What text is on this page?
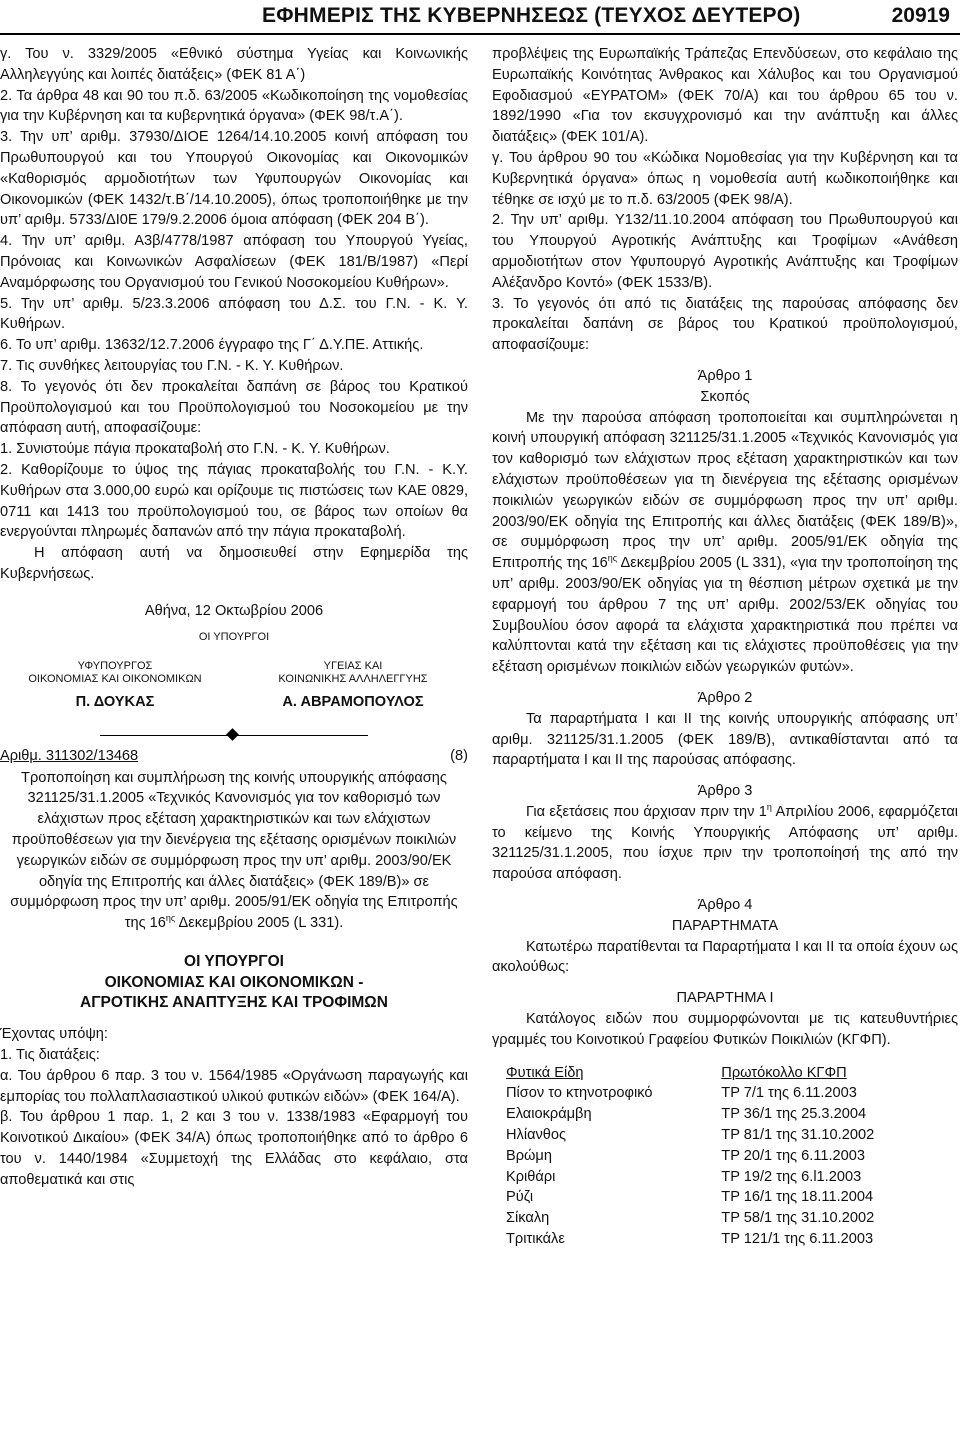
ΕΦΗΜΕΡΙΣ ΤΗΣ ΚΥΒΕΡΝΗΣΕΩΣ (ΤΕΥΧΟΣ ΔΕΥΤΕΡΟ)	20919

γ. Του ν. 3329/2005 «Εθνικό σύστημα Υγείας και Κοινωνικής Αλληλεγγύης και λοιπές διατάξεις» (ΦΕΚ 81 Α΄)

2. Τα άρθρα 48 και 90 του π.δ. 63/2005 «Κωδικοποίηση της νομοθεσίας για την Κυβέρνηση και τα κυβερνητικά όργανα» (ΦΕΚ 98/τ.Α΄).

3. Την υπ’ αριθμ. 37930/ΔΙΟΕ 1264/14.10.2005 κοινή απόφαση του Πρωθυπουργού και του Υπουργού Οικονομίας και Οικονομικών «Καθορισμός αρμοδιοτήτων των Υφυπουργών Οικονομίας και Οικονομικών (ΦΕΚ 1432/τ.Β΄/14.10.2005), όπως τροποποιήθηκε με την υπ’ αριθμ. 5733/ΔΙ0Ε 179/9.2.2006 όμοια απόφαση (ΦΕΚ 204 Β΄).

4. Την υπ’ αριθμ. Α3β/4778/1987 απόφαση του Υπουργού Υγείας, Πρόνοιας και Κοινωνικών Ασφαλίσεων (ΦΕΚ 181/Β/1987) «Περί Αναμόρφωσης του Οργανισμού του Γενικού Νοσοκομείου Κυθήρων».

5. Την υπ’ αριθμ. 5/23.3.2006 απόφαση του Δ.Σ. του Γ.Ν. - Κ. Υ. Κυθήρων.

6. Το υπ’ αριθμ. 13632/12.7.2006 έγγραφο της Γ΄ Δ.Υ.ΠΕ. Αττικής.

7. Τις συνθήκες λειτουργίας του Γ.Ν. - Κ. Υ. Κυθήρων.

8. Το γεγονός ότι δεν προκαλείται δαπάνη σε βάρος του Κρατικού Προϋπολογισμού και του Προϋπολογισμού του Νοσοκομείου με την απόφαση αυτή, αποφασίζουμε:

1. Συνιστούμε πάγια προκαταβολή στο Γ.Ν. - Κ. Υ. Κυθήρων.

2. Καθορίζουμε το ύψος της πάγιας προκαταβολής του Γ.Ν. - Κ.Υ. Κυθήρων στα 3.000,00 ευρώ και ορίζουμε τις πιστώσεις των ΚΑΕ 0829, 0711 και 1413 του προϋπολογισμού του, σε βάρος των οποίων θα ενεργούνται πληρωμές δαπανών από την πάγια προκαταβολή.

Η απόφαση αυτή να δημοσιευθεί στην Εφημερίδα της Κυβερνήσεως.

Αθήνα, 12 Οκτωβρίου 2006

ΟΙ ΥΠΟΥΡΓΟΙ

ΥΦΥΠΟΥΡΓΟΣ
ΟΙΚΟΝΟΜΙΑΣ ΚΑΙ ΟΙΚΟΝΟΜΙΚΩΝ
Π. ΔΟΥΚΑΣ
ΥΓΕΙΑΣ ΚΑΙ
ΚΟΙΝΩΝΙΚΗΣ ΑΛΛΗΛΕΓΓΥΗΣ
Α. ΑΒΡΑΜΟΠΟΥΛΟΣ
Αριθμ. 311302/13468	(8)

Τροποποίηση και συμπλήρωση της κοινής υπουργικής απόφασης 321125/31.1.2005 «Τεχνικός Κανονισμός για τον καθορισμό των ελάχιστων προς εξέταση χαρακτηριστικών και των ελάχιστων προϋποθέσεων για την διενέργεια της εξέτασης ορισμένων ποικιλιών γεωργικών ειδών σε συμμόρφωση προς την υπ’ αριθμ. 2003/90/ΕΚ οδηγία της Επιτροπής και άλλες διατάξεις» (ΦΕΚ 189/Β)» σε συμμόρφωση προς την υπ’ αριθμ. 2005/91/ΕΚ οδηγία της Επιτροπής της $16^{\eta\varsigma}$ Δεκεμβρίου 2005 (L 331).

ΟΙ ΥΠΟΥΡΓΟΙ

ΟΙΚΟΝΟΜΙΑΣ ΚΑΙ ΟΙΚΟΝΟΜΙΚΩΝ -

ΑΓΡΟΤΙΚΗΣ ΑΝΑΠΤΥΞΗΣ ΚΑΙ ΤΡΟΦΙΜΩΝ

Έχοντας υπόψη:

1. Τις διατάξεις:

α. Του άρθρου 6 παρ. 3 του ν. 1564/1985 «Οργάνωση παραγωγής και εμπορίας του πολλαπλασιαστικού υλικού φυτικών ειδών» (ΦΕΚ 164/Α).

β. Του άρθρου 1 παρ. 1, 2 και 3 του ν. 1338/1983 «Εφαρμογή του Κοινοτικού Δικαίου» (ΦΕΚ 34/Α) όπως τροποποιήθηκε από το άρθρο 6 του ν. 1440/1984 «Συμμετοχή της Ελλάδας στο κεφάλαιο, στα αποθεματικά και στις

προβλέψεις της Ευρωπαϊκής Τράπεζας Επενδύσεων, στο κεφάλαιο της Ευρωπαϊκής Κοινότητας Άνθρακος και Χάλυβος και του Οργανισμού Εφοδιασμού «ΕΥΡΑΤΟΜ» (ΦΕΚ 70/Α) και του άρθρου 65 του ν. 1892/1990 «Για τον εκσυγχρονισμό και την ανάπτυξη και άλλες διατάξεις» (ΦΕΚ 101/Α).

γ. Του άρθρου 90 του «Κώδικα Νομοθεσίας για την Κυβέρνηση και τα Κυβερνητικά όργανα» όπως η νομοθεσία αυτή κωδικοποιήθηκε και τέθηκε σε ισχύ με το π.δ. 63/2005 (ΦΕΚ 98/Α).

2. Την υπ’ αριθμ. Υ132/11.10.2004 απόφαση του Πρωθυπουργού και του Υπουργού Αγροτικής Ανάπτυξης και Τροφίμων «Ανάθεση αρμοδιοτήτων στον Υφυπουργό Αγροτικής Ανάπτυξης και Τροφίμων Αλέξανδρο Κοντό» (ΦΕΚ 1533/Β).

3. Το γεγονός ότι από τις διατάξεις της παρούσας απόφασης δεν προκαλείται δαπάνη σε βάρος του Κρατικού προϋπολογισμού, αποφασίζουμε:

Άρθρο 1

Σκοπός

Με την παρούσα απόφαση τροποποιείται και συμπληρώνεται η κοινή υπουργική απόφαση 321125/31.1.2005 «Τεχνικός Κανονισμός για τον καθορισμό των ελάχιστων προς εξέταση χαρακτηριστικών και των ελάχιστων προϋποθέσεων για τη διενέργεια της εξέτασης ορισμένων ποικιλιών γεωργικών ειδών σε συμμόρφωση προς την υπ’ αριθμ. 2003/90/ΕΚ οδηγία της Επιτροπής και άλλες διατάξεις (ΦΕΚ 189/Β)», σε συμμόρφωση προς την υπ’ αριθμ. 2005/91/ΕΚ οδηγία της Επιτροπής της $16^{\eta\varsigma}$ Δεκεμβρίου 2005 (L 331), «για την τροποποίηση της υπ’ αριθμ. 2003/90/ΕΚ οδηγίας για τη θέσπιση μέτρων σχετικά με την εφαρμογή του άρθρου 7 της υπ’ αριθμ. 2002/53/ΕΚ οδηγίας του Συμβουλίου όσον αφορά τα ελάχιστα χαρακτηριστικά που πρέπει να καλύπτονται κατά την εξέταση και τις ελάχιστες προϋποθέσεις για την εξέταση ορισμένων ποικιλιών ειδών γεωργικών φυτών».

Άρθρο 2

Τα παραρτήματα Ι και ΙΙ της κοινής υπουργικής απόφασης υπ’ αριθμ. 321125/31.1.2005 (ΦΕΚ 189/Β), αντικαθίστανται από τα παραρτήματα Ι και ΙΙ της παρούσας απόφασης.

Άρθρο 3

Για εξετάσεις που άρχισαν πριν την $1^\eta$ Απριλίου 2006, εφαρμόζεται το κείμενο της Κοινής Υπουργικής Απόφασης υπ’ αριθμ. 321125/31.1.2005, που ίσχυε πριν την τροποποίησή της από την παρούσα απόφαση.

Άρθρο 4

ΠΑΡΑΡΤΗΜΑΤΑ

Κατωτέρω παρατίθενται τα Παραρτήματα Ι και ΙΙ τα οποία έχουν ως ακολούθως:

ΠΑΡΑΡΤΗΜΑ Ι

Κατάλογος ειδών που συμμορφώνονται με τις κατευθυντήριες γραμμές του Κοινοτικού Γραφείου Φυτικών Ποικιλιών (ΚΓΦΠ).

Φυτικά Είδη	Πρωτόκολλο ΚΓΦΠ
Πίσον το κτηνοτροφικό	ΤΡ 7/1 της 6.11.2003
Ελαιοκράμβη	ΤΡ 36/1 της 25.3.2004
Ηλίανθος	ΤΡ 81/1 της 31.10.2002
Βρώμη	ΤΡ 20/1 της 6.11.2003
Κριθάρι	ΤΡ 19/2 της 6.l1.2003
Ρύζι	ΤΡ 16/1 της 18.11.2004
Σίκαλη	ΤΡ 58/1 της 31.10.2002
Τριτικάλε	ΤΡ 121/1 της 6.11.2003
